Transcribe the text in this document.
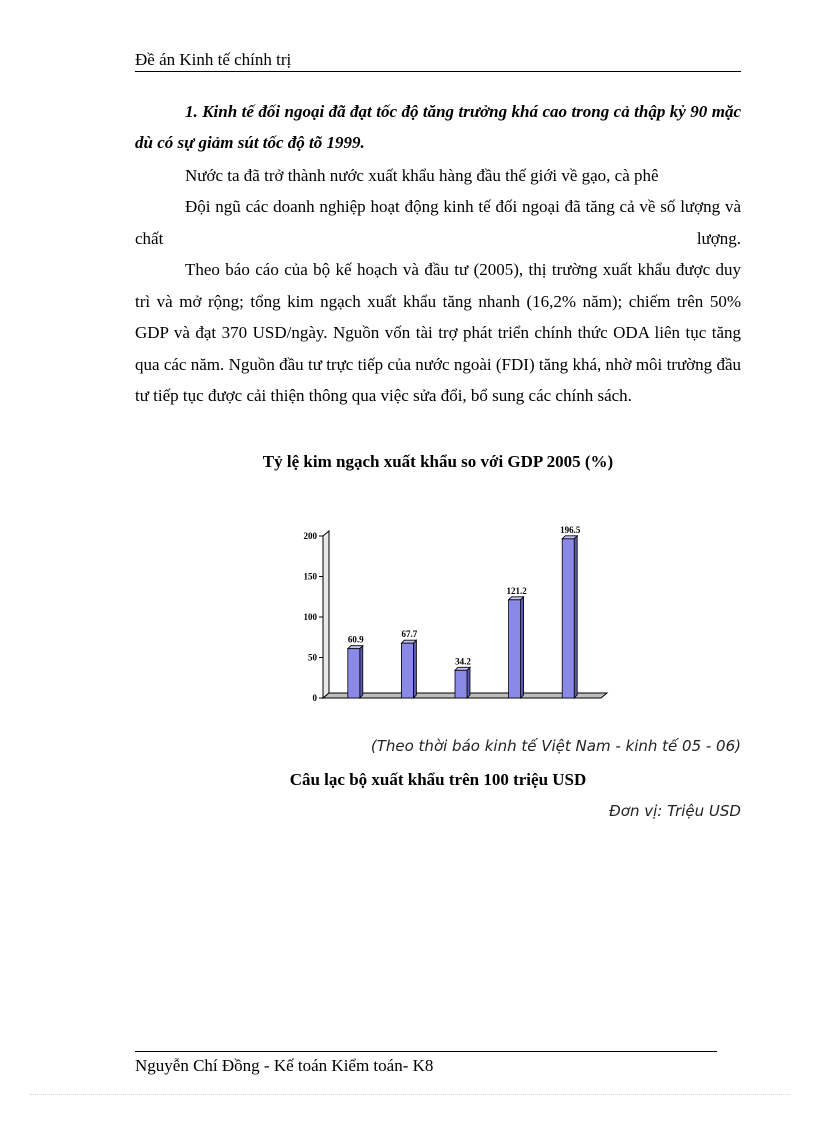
Đề án Kinh tế chính trị
1. Kinh tế đối ngoại đã đạt tốc độ tăng trưởng khá cao trong cả thập kỷ 90 mặc dù có sự giảm sút tốc độ tõ 1999.

Nước ta đã trở thành nước xuất khẩu hàng đầu thế giới về gạo, cà phê

Đội ngũ các doanh nghiệp hoạt động kinh tế đối ngoại đã tăng cả về số lượng và chất lượng.

Theo báo cáo của bộ kế hoạch và đầu tư (2005), thị trường xuất khẩu được duy trì và mở rộng; tổng kim ngạch xuất khẩu tăng nhanh (16,2% năm); chiếm trên 50% GDP và đạt 370 USD/ngày. Nguồn vốn tài trợ phát triển chính thức ODA liên tục tăng qua các năm. Nguồn đầu tư trực tiếp của nước ngoài (FDI) tăng khá, nhờ môi trường đầu tư tiếp tục được cải thiện thông qua việc sửa đổi, bổ sung các chính sách.

Tỷ lệ kim ngạch xuất khẩu so với GDP 2005 (%)
0
50
100
150
200
60.9
67.7
34.2
121.2
196.5
(Theo thời báo kinh tế Việt Nam - kinh tế 05 - 06)
Câu lạc bộ xuất khẩu trên 100 triệu USD
Đơn vị: Triệu USD
Nguyễn Chí Đồng - Kế toán Kiểm toán- K8
